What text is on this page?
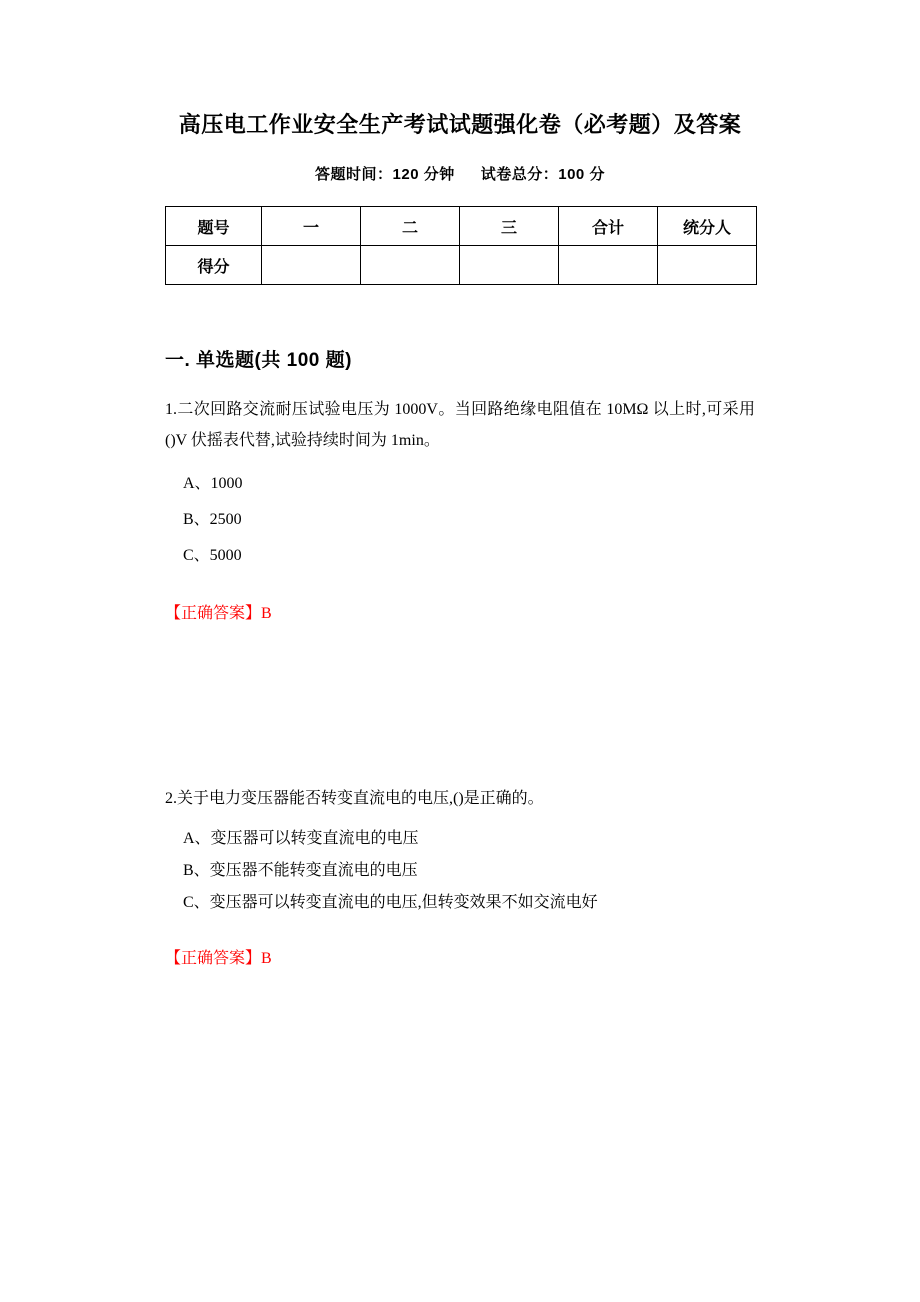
高压电工作业安全生产考试试题强化卷（必考题）及答案
答题时间：120 分钟 试卷总分：100 分
题号	一	二	三	合计	统分人
得分					
一. 单选题(共 100 题)
1.二次回路交流耐压试验电压为 1000V。当回路绝缘电阻值在 10MΩ 以上时,可采用()V 伏摇表代替,试验持续时间为 1min。
A、1000
B、2500
C、5000
【正确答案】B
2.关于电力变压器能否转变直流电的电压,()是正确的。
A、变压器可以转变直流电的电压
B、变压器不能转变直流电的电压
C、变压器可以转变直流电的电压,但转变效果不如交流电好
【正确答案】B
